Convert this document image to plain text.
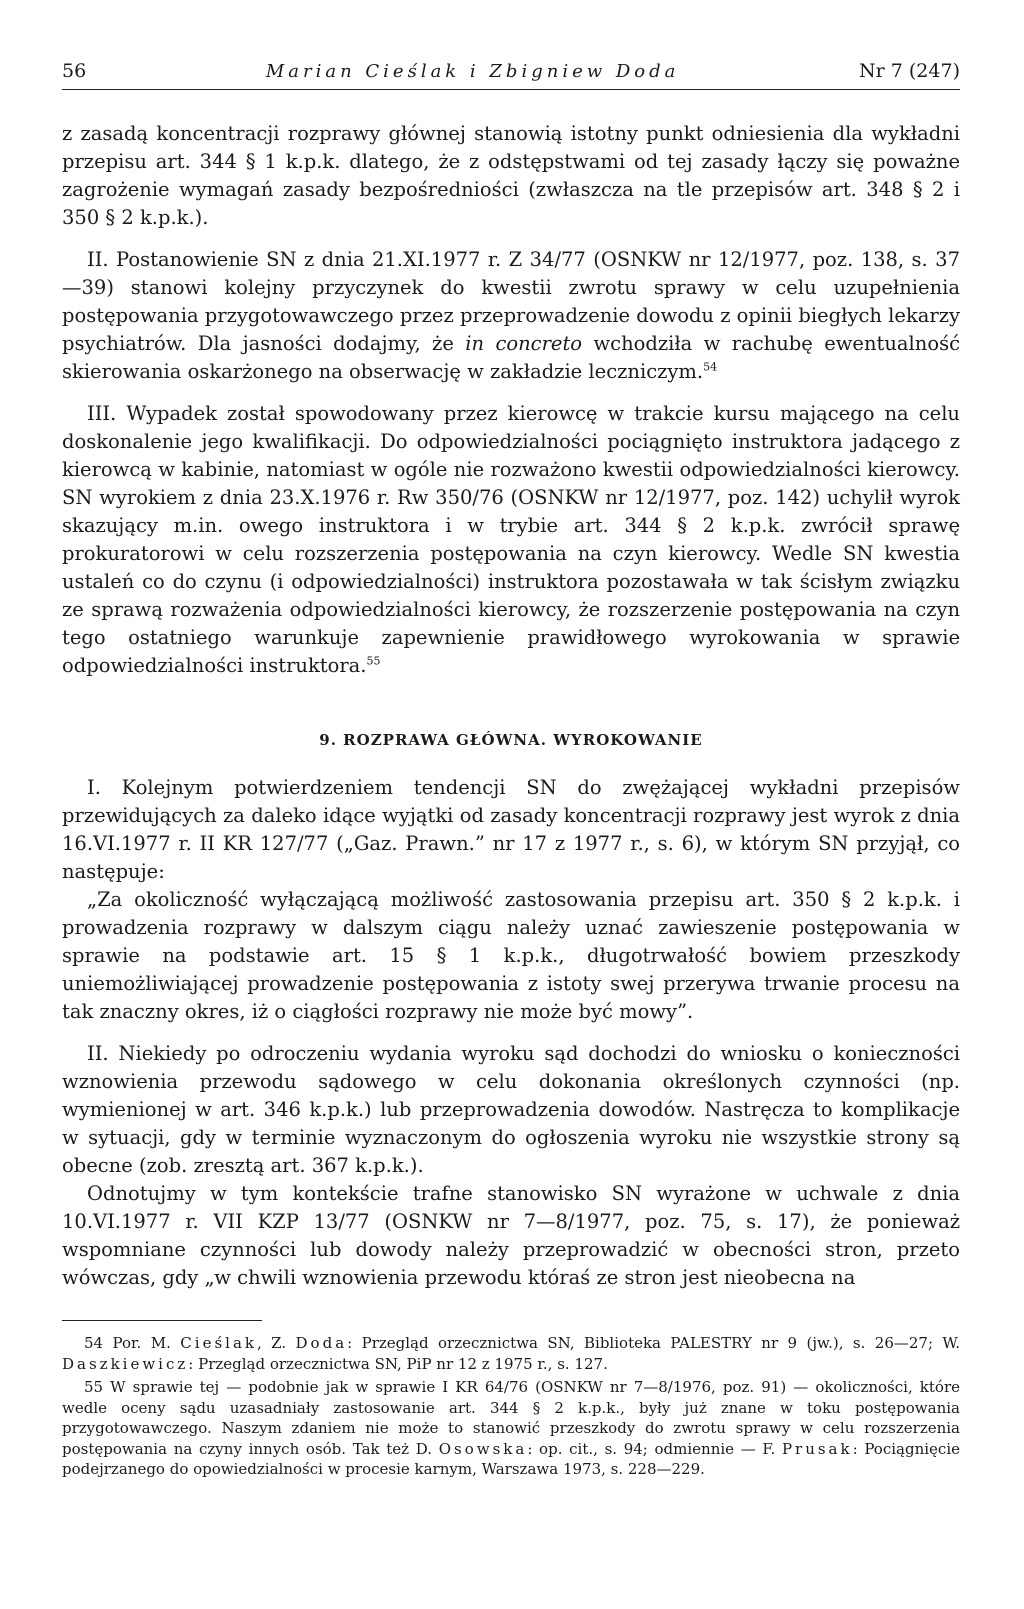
56	Marian Cieślak i Zbigniew Doda	Nr 7 (247)

z zasadą koncentracji rozprawy głównej stanowią istotny punkt odniesienia dla wykładni przepisu art. 344 § 1 k.p.k. dlatego, że z odstępstwami od tej zasady łączy się poważne zagrożenie wymagań zasady bezpośredniości (zwłaszcza na tle przepisów art. 348 § 2 i 350 § 2 k.p.k.).

II. Postanowienie SN z dnia 21.XI.1977 r. Z 34/77 (OSNKW nr 12/1977, poz. 138, s. 37—39) stanowi kolejny przyczynek do kwestii zwrotu sprawy w celu uzupełnienia postępowania przygotowawczego przez przeprowadzenie dowodu z opinii biegłych lekarzy psychiatrów. Dla jasności dodajmy, że in concreto wchodziła w rachubę ewentualność skierowania oskarżonego na obserwację w zakładzie leczniczym.$^{54}$

III. Wypadek został spowodowany przez kierowcę w trakcie kursu mającego na celu doskonalenie jego kwalifikacji. Do odpowiedzialności pociągnięto instruktora jadącego z kierowcą w kabinie, natomiast w ogóle nie rozważono kwestii odpowiedzialności kierowcy. SN wyrokiem z dnia 23.X.1976 r. Rw 350/76 (OSNKW nr 12/1977, poz. 142) uchylił wyrok skazujący m.in. owego instruktora i w trybie art. 344 § 2 k.p.k. zwrócił sprawę prokuratorowi w celu rozszerzenia postępowania na czyn kierowcy. Wedle SN kwestia ustaleń co do czynu (i odpowiedzialności) instruktora pozostawała w tak ścisłym związku ze sprawą rozważenia odpowiedzialności kierowcy, że rozszerzenie postępowania na czyn tego ostatniego warunkuje zapewnienie prawidłowego wyrokowania w sprawie odpowiedzialności instruktora.$^{55}$

9. ROZPRAWA GŁÓWNA. WYROKOWANIE

I. Kolejnym potwierdzeniem tendencji SN do zwężającej wykładni przepisów przewidujących za daleko idące wyjątki od zasady koncentracji rozprawy jest wyrok z dnia 16.VI.1977 r. II KR 127/77 („Gaz. Prawn.” nr 17 z 1977 r., s. 6), w którym SN przyjął, co następuje:

„Za okoliczność wyłączającą możliwość zastosowania przepisu art. 350 § 2 k.p.k. i prowadzenia rozprawy w dalszym ciągu należy uznać zawieszenie postępowania w sprawie na podstawie art. 15 § 1 k.p.k., długotrwałość bowiem przeszkody uniemożliwiającej prowadzenie postępowania z istoty swej przerywa trwanie procesu na tak znaczny okres, iż o ciągłości rozprawy nie może być mowy”.

II. Niekiedy po odroczeniu wydania wyroku sąd dochodzi do wniosku o konieczności wznowienia przewodu sądowego w celu dokonania określonych czynności (np. wymienionej w art. 346 k.p.k.) lub przeprowadzenia dowodów. Nastręcza to komplikacje w sytuacji, gdy w terminie wyznaczonym do ogłoszenia wyroku nie wszystkie strony są obecne (zob. zresztą art. 367 k.p.k.).

Odnotujmy w tym kontekście trafne stanowisko SN wyrażone w uchwale z dnia 10.VI.1977 r. VII KZP 13/77 (OSNKW nr 7—8/1977, poz. 75, s. 17), że ponieważ wspomniane czynności lub dowody należy przeprowadzić w obecności stron, przeto wówczas, gdy „w chwili wznowienia przewodu któraś ze stron jest nieobecna na

54 Por. M. Cieślak, Z. Doda: Przegląd orzecznictwa SN, Biblioteka PALESTRY nr 9 (jw.), s. 26—27; W. Daszkiewicz: Przegląd orzecznictwa SN, PiP nr 12 z 1975 r., s. 127.

55 W sprawie tej — podobnie jak w sprawie I KR 64/76 (OSNKW nr 7—8/1976, poz. 91) — okoliczności, które wedle oceny sądu uzasadniały zastosowanie art. 344 § 2 k.p.k., były już znane w toku postępowania przygotowawczego. Naszym zdaniem nie może to stanowić przeszkody do zwrotu sprawy w celu rozszerzenia postępowania na czyny innych osób. Tak też D. Osowska: op. cit., s. 94; odmiennie — F. Prusak: Pociągnięcie podejrzanego do opowiedzialności w procesie karnym, Warszawa 1973, s. 228—229.
